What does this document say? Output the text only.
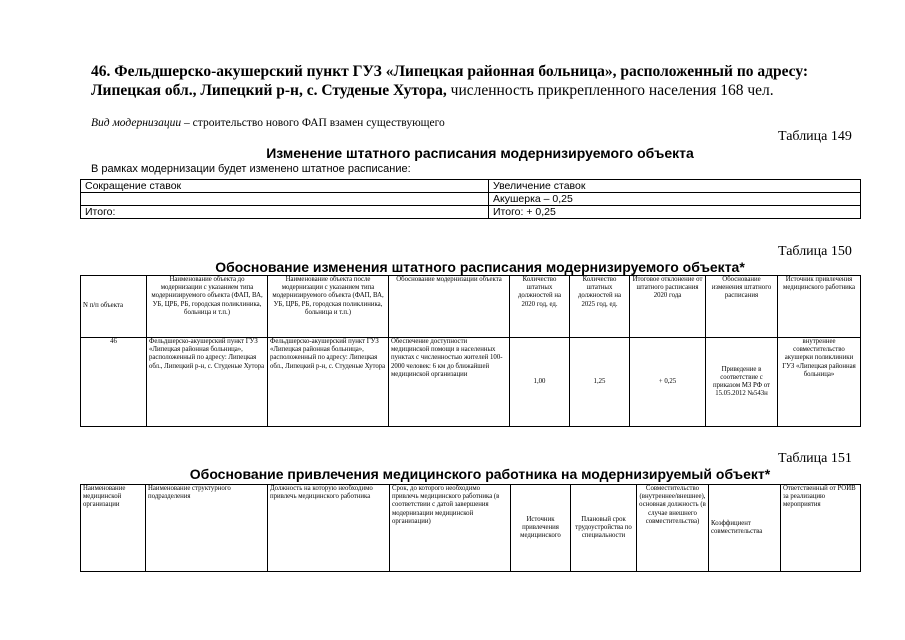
46. Фельдшерско-акушерский пункт ГУЗ «Липецкая районная больница», расположенный по адресу: Липецкая обл., Липецкий р-н, с. Студеные Хутора, численность прикрепленного населения 168 чел.
Вид модернизации – строительство нового ФАП взамен существующего
Таблица 149
Изменение штатного расписания модернизируемого объекта
В рамках модернизации будет изменено штатное расписание:
Сокращение ставок	Увеличение ставок
	Акушерка – 0,25
Итого:	Итого: + 0,25
Таблица 150
Обоснование изменения штатного расписания модернизируемого объекта*
N п/п объекта	Наименование объекта до модернизации с указанием типа модернизируемого объекта (ФАП, ВА, УБ, ЦРБ, РБ, городская поликлиника, больница и т.п.)	Наименование объекта после модернизации с указанием типа модернизируемого объекта (ФАП, ВА, УБ, ЦРБ, РБ, городская поликлиника, больница и т.п.)	Обоснование модернизации объекта	Количество штатных должностей на 2020 год, ед.	Количество штатных должностей на 2025 год, ед.	Итоговое отклонение от штатного расписания 2020 года	Обоснование изменения штатного расписания	Источник привлечения медицинского работника
46	Фельдшерско-акушерский пункт ГУЗ «Липецкая районная больница», расположенный по адресу: Липецкая обл., Липецкий р-н, с. Студеные Хутора	Фельдшерско-акушерский пункт ГУЗ «Липецкая районная больница», расположенный по адресу: Липецкая обл., Липецкий р-н, с. Студеные Хутора	Обеспечение доступности медицинской помощи в населенных пунктах с численностью жителей 100-2000 человек: 6 км до ближайшей медицинской организации	1,00	1,25	+ 0,25	Приведение в соответствие с приказом МЗ РФ от 15.05.2012 №543н	внутреннее совместительство акушерки поликлиники ГУЗ «Липецкая районная больница»
Таблица 151
Обоснование привлечения медицинского работника на модернизируемый объект*
Наименование медицинской организации	Наименование структурного подразделения	Должность на которую необходимо привлечь медицинского работника	Срок, до которого необходимо привлечь медицинского работника (в соответствии с датой завершения модернизации медицинской организации)	Источник привлечения медицинского	Плановый срок трудоустройства по специальности	Совместительство (внутреннее/внешнее), основная должность (в случае внешнего совместительства)	Коэффициент совместительства	Ответственный от РОИВ за реализацию мероприятия
